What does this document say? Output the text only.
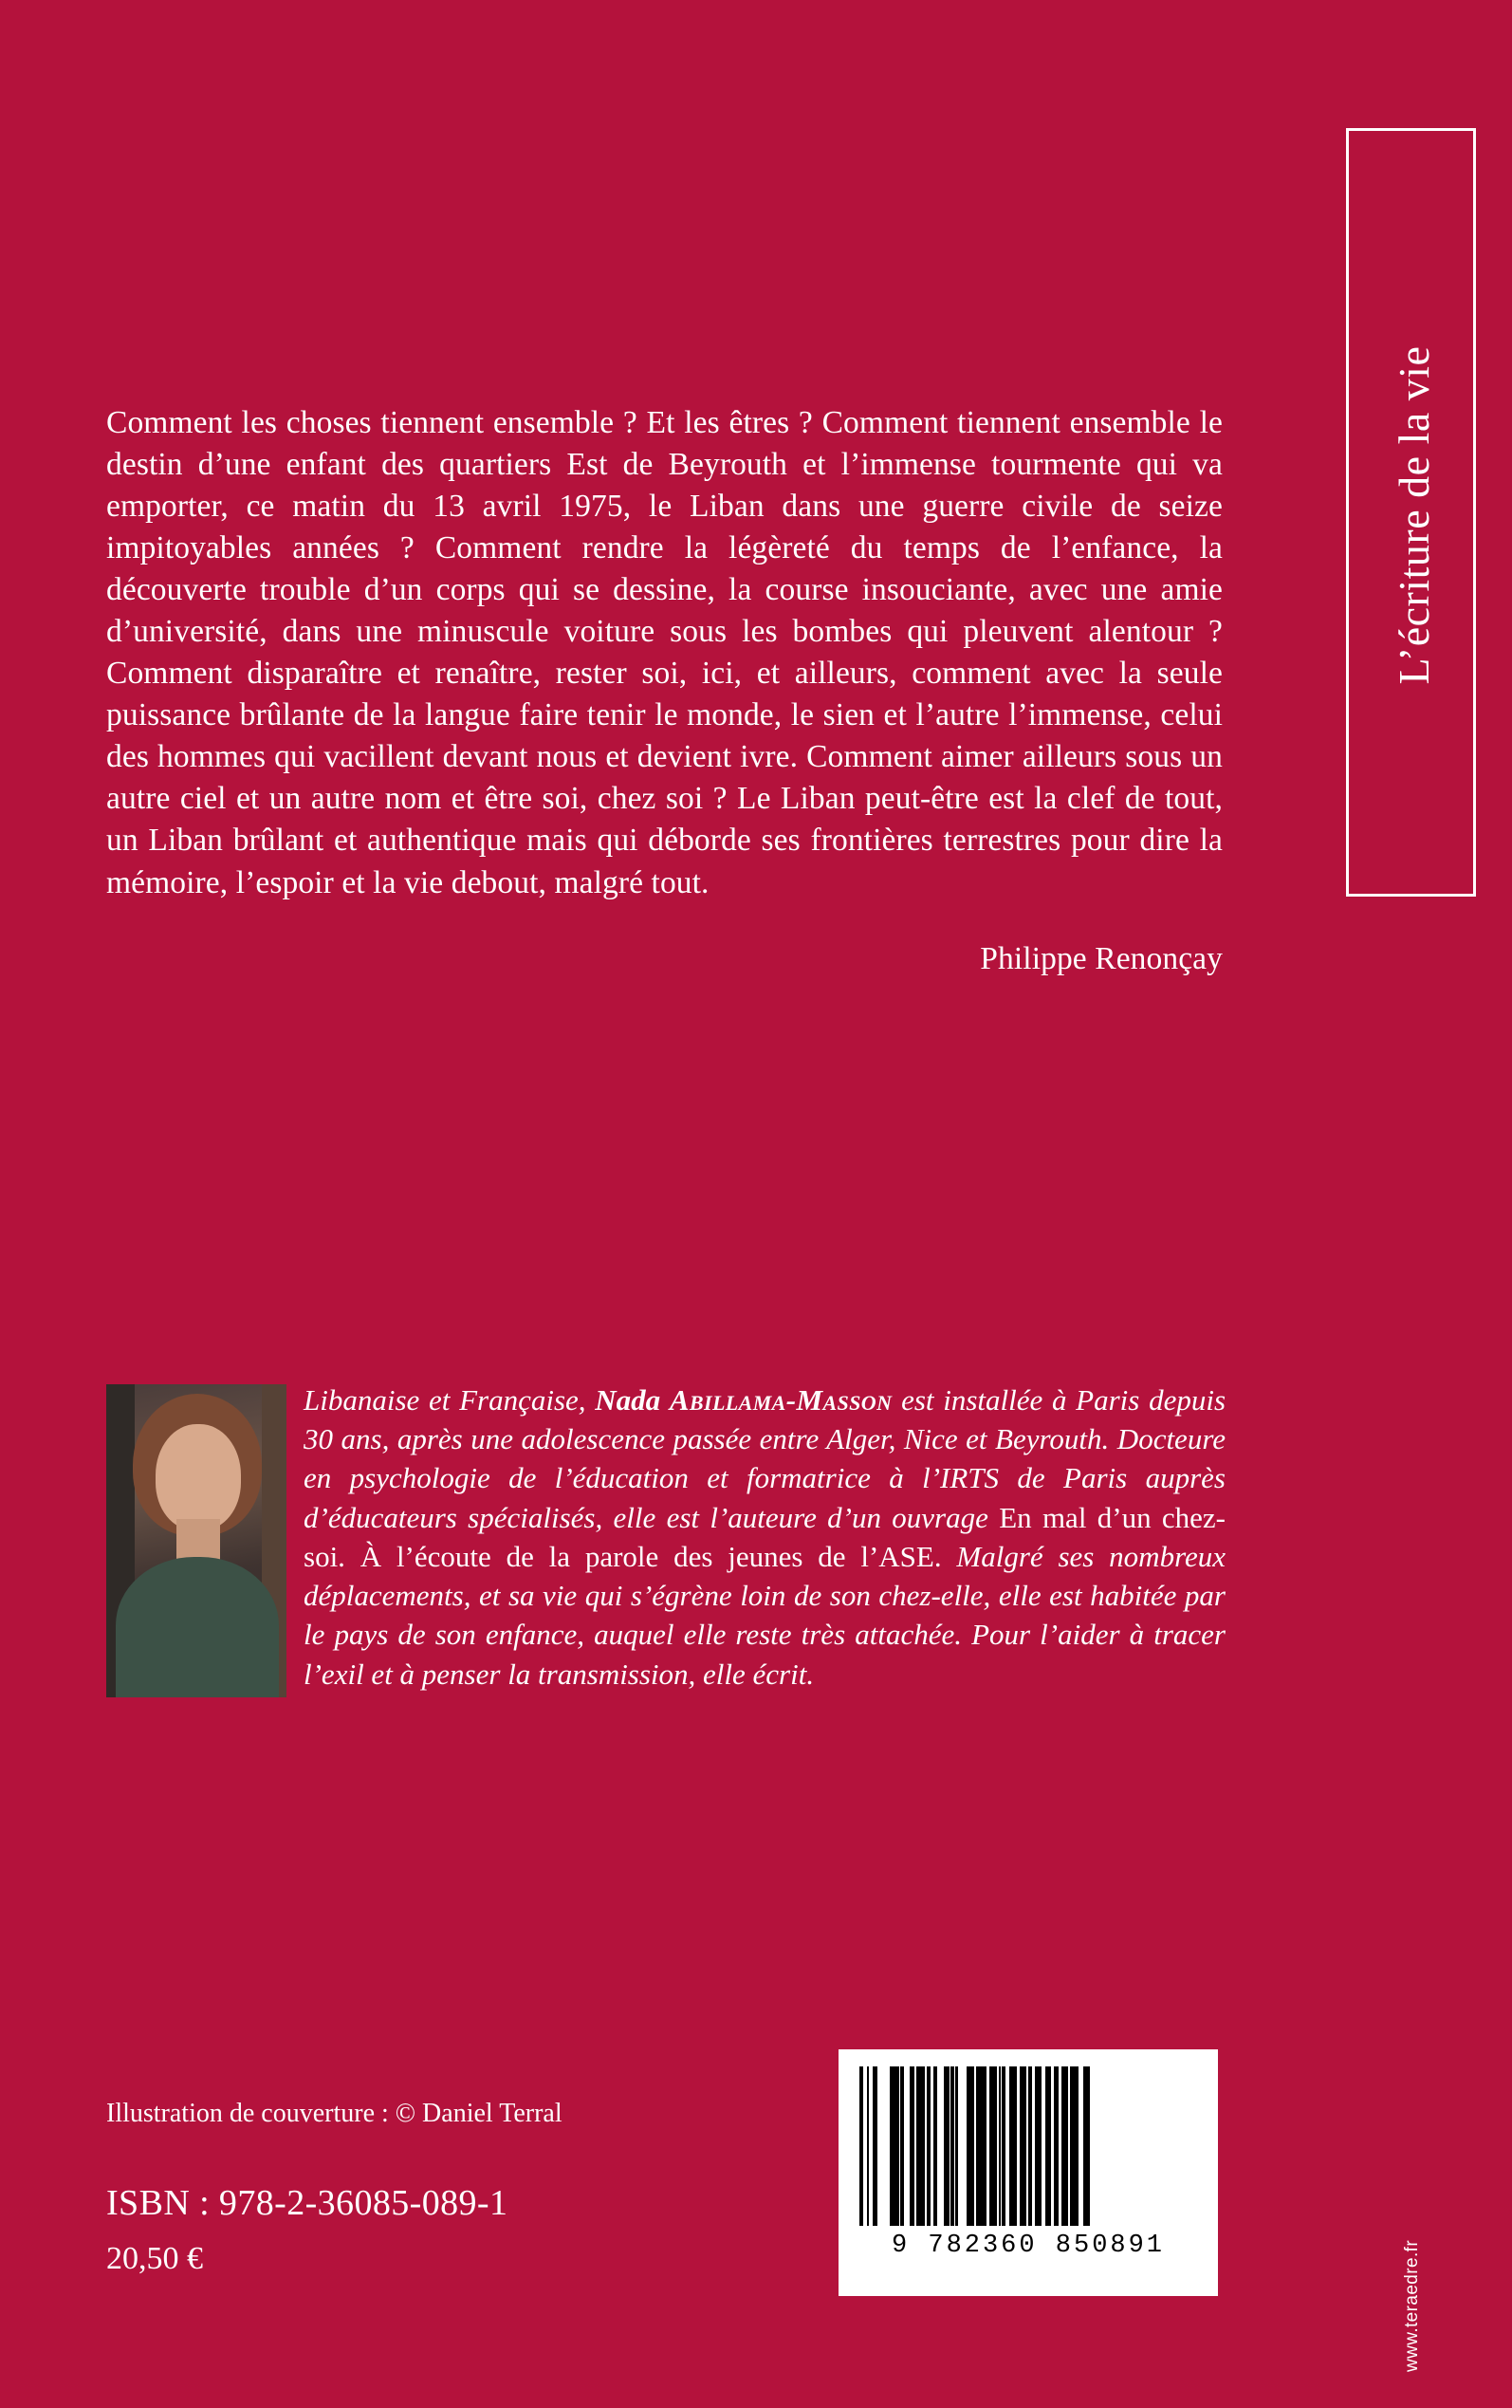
L’écriture de la vie
www.teraedre.fr

Comment les choses tiennent ensemble ? Et les êtres ? Comment tiennent ensemble le destin d’une enfant des quartiers Est de Beyrouth et l’immense tourmente qui va emporter, ce matin du 13 avril 1975, le Liban dans une guerre civile de seize impitoyables années ? Comment rendre la légèreté du temps de l’enfance, la découverte trouble d’un corps qui se dessine, la course insouciante, avec une amie d’université, dans une minuscule voiture sous les bombes qui pleuvent alentour ? Comment disparaître et renaître, rester soi, ici, et ailleurs, comment avec la seule puissance brûlante de la langue faire tenir le monde, le sien et l’autre l’immense, celui des hommes qui vacillent devant nous et devient ivre. Comment aimer ailleurs sous un autre ciel et un autre nom et être soi, chez soi ? Le Liban peut-être est la clef de tout, un Liban brûlant et authentique mais qui déborde ses frontières terrestres pour dire la mémoire, l’espoir et la vie debout, malgré tout.

Philippe Renonçay
Libanaise et Française, Nada Abillama-Masson est installée à Paris depuis 30 ans, après une adolescence passée entre Alger, Nice et Beyrouth. Docteure en psychologie de l’éducation et formatrice à l’IRTS de Paris auprès d’éducateurs spécialisés, elle est l’auteure d’un ouvrage En mal d’un chez-soi. À l’écoute de la parole des jeunes de l’ASE. Malgré ses nombreux déplacements, et sa vie qui s’égrène loin de son chez-elle, elle est habitée par le pays de son enfance, auquel elle reste très attachée. Pour l’aider à tracer l’exil et à penser la transmission, elle écrit.
Illustration de couverture : © Daniel Terral
ISBN : 978-2-36085-089-1
20,50 €	9 782360 850891
